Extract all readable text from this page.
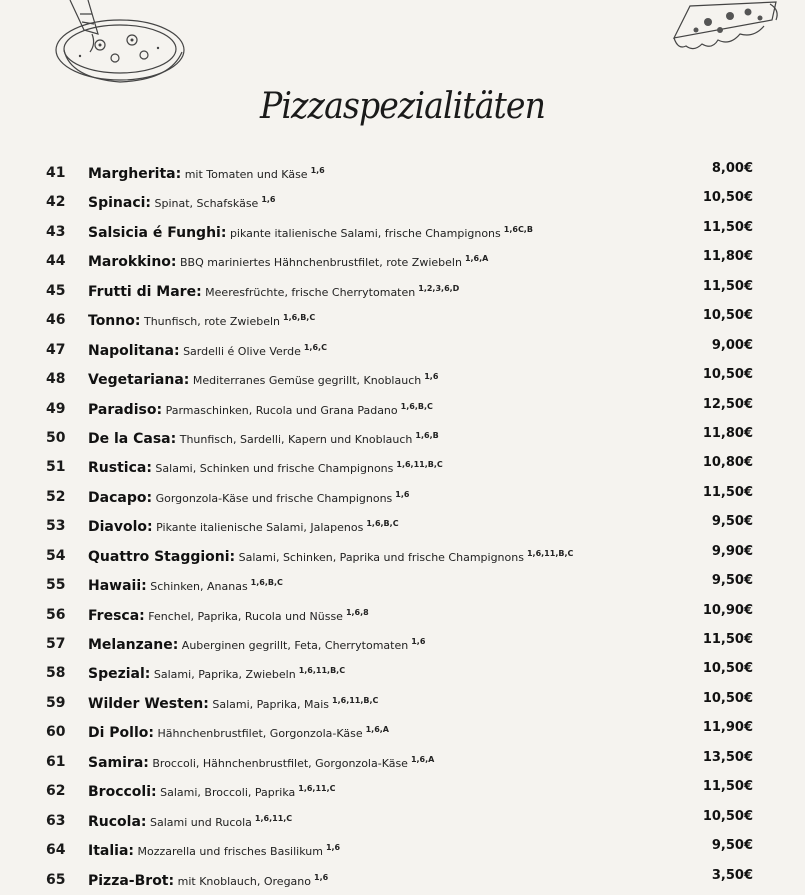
Pizzaspezialitäten
41	Margherita: mit Tomaten und Käse $^{1,6}$	8,00€
42	Spinaci: Spinat, Schafskäse $^{1,6}$	10,50€
43	Salsicia é Funghi: pikante italienische Salami, frische Champignons $^{1,6C,B}$	11,50€
44	Marokkino: BBQ mariniertes Hähnchenbrustfilet, rote Zwiebeln $^{1,6,A}$	11,80€
45	Frutti di Mare: Meeresfrüchte, frische Cherrytomaten $^{1,2,3,6,D}$	11,50€
46	Tonno: Thunfisch, rote Zwiebeln $^{1,6,B,C}$	10,50€
47	Napolitana: Sardelli é Olive Verde $^{1,6,C}$	9,00€
48	Vegetariana: Mediterranes Gemüse gegrillt, Knoblauch $^{1,6}$	10,50€
49	Paradiso: Parmaschinken, Rucola und Grana Padano $^{1,6,B,C}$	12,50€
50	De la Casa: Thunfisch, Sardelli, Kapern und Knoblauch $^{1,6,B}$	11,80€
51	Rustica: Salami, Schinken und frische Champignons $^{1,6,11,B,C}$	10,80€
52	Dacapo: Gorgonzola-Käse und frische Champignons $^{1,6}$	11,50€
53	Diavolo: Pikante italienische Salami, Jalapenos $^{1,6,B,C}$	9,50€
54	Quattro Staggioni: Salami, Schinken, Paprika und frische Champignons $^{1,6,11,B,C}$	9,90€
55	Hawaii: Schinken, Ananas $^{1,6,B,C}$	9,50€
56	Fresca: Fenchel, Paprika, Rucola und Nüsse $^{1,6,8}$	10,90€
57	Melanzane: Auberginen gegrillt, Feta, Cherrytomaten $^{1,6}$	11,50€
58	Spezial: Salami, Paprika, Zwiebeln $^{1,6,11,B,C}$	10,50€
59	Wilder Westen: Salami, Paprika, Mais $^{1,6,11,B,C}$	10,50€
60	Di Pollo: Hähnchenbrustfilet, Gorgonzola-Käse $^{1,6,A}$	11,90€
61	Samira: Broccoli, Hähnchenbrustfilet, Gorgonzola-Käse $^{1,6,A}$	13,50€
62	Broccoli: Salami, Broccoli, Paprika $^{1,6,11,C}$	11,50€
63	Rucola: Salami und Rucola $^{1,6,11,C}$	10,50€
64	Italia: Mozzarella und frisches Basilikum $^{1,6}$	9,50€
65	Pizza-Brot: mit Knoblauch, Oregano $^{1,6}$	3,50€
